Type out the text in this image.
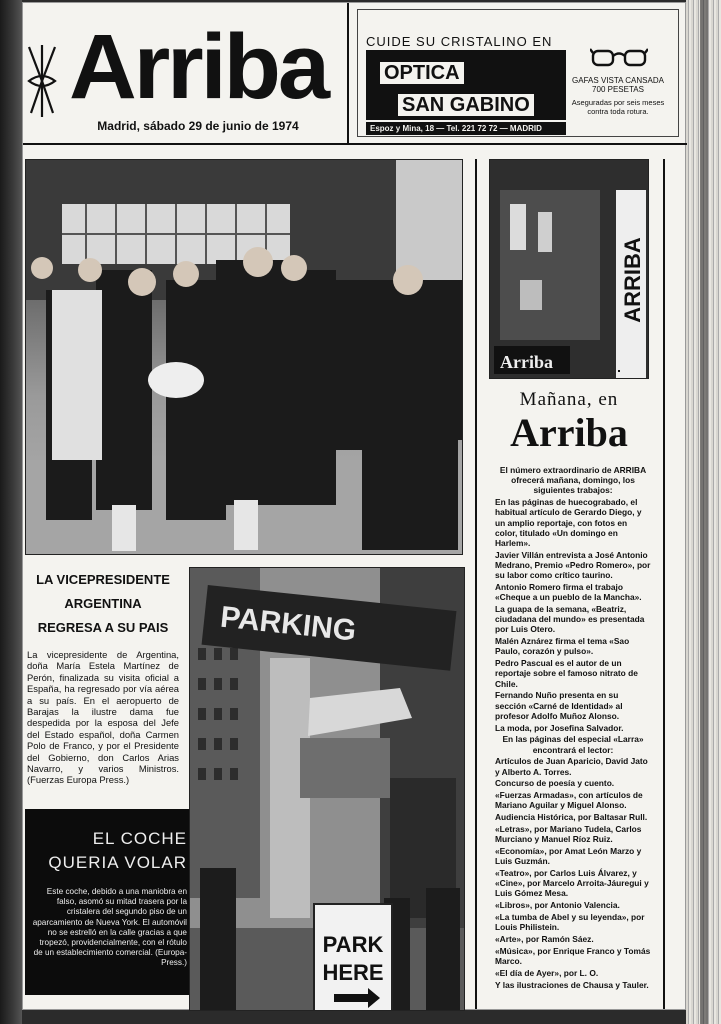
Arriba
Madrid, sábado 29 de junio de 1974
CUIDE SU CRISTALINO EN
OPTICA
SAN GABINO
Espoz y Mina, 18 — Tel. 221 72 72 — MADRID
GAFAS VISTA CANSADA 700 PESETAS
Aseguradas por seis meses contra toda rotura.
Arriba
ARRIBA
Mañana, en
Arriba

El número extraordinario de ARRIBA ofrecerá mañana, domingo, los siguientes trabajos:

En las páginas de huecograbado, el habitual artículo de Gerardo Diego, y un amplio reportaje, con fotos en color, titulado «Un domingo en Harlem».

Javier Villán entrevista a José Antonio Medrano, Premio «Pedro Romero», por su labor como crítico taurino.

Antonio Romero firma el trabajo «Cheque a un pueblo de la Mancha».

La guapa de la semana, «Beatriz, ciudadana del mundo» es presentada por Luis Otero.

Malén Aznárez firma el tema «Sao Paulo, corazón y pulso».

Pedro Pascual es el autor de un reportaje sobre el famoso nitrato de Chile.

Fernando Nuño presenta en su sección «Carné de Identidad» al profesor Adolfo Muñoz Alonso.

La moda, por Josefina Salvador.

En las páginas del especial «Larra» encontrará el lector:

Artículos de Juan Aparicio, David Jato y Alberto A. Torres.

Concurso de poesía y cuento.

«Fuerzas Armadas», con artículos de Mariano Aguilar y Miguel Alonso.

Audiencia Histórica, por Baltasar Rull.

«Letras», por Mariano Tudela, Carlos Murciano y Manuel Ríoz Ruiz.

«Economía», por Amat León Marzo y Luis Guzmán.

«Teatro», por Carlos Luis Álvarez, y «Cine», por Marcelo Arroita-Jáuregui y Luis Gómez Mesa.

«Libros», por Antonio Valencia.

«La tumba de Abel y su leyenda», por Louis Philistein.

«Arte», por Ramón Sáez.

«Música», por Enrique Franco y Tomás Marco.

«El día de Ayer», por L. O.

Y las ilustraciones de Chausa y Tauler.

LA VICEPRESIDENTE
ARGENTINA
REGRESA A SU PAIS
La vicepresidente de Argentina, doña María Estela Martínez de Perón, finalizada su visita oficial a España, ha regresado por vía aérea a su país. En el aeropuerto de Barajas la ilustre dama fue despedida por la esposa del Jefe del Estado español, doña Carmen Polo de Franco, y por el Presidente del Gobierno, don Carlos Arias Navarro, y varios Ministros. (Fuerzas Europa Press.)
EL COCHE
QUERIA VOLAR
Este coche, debido a una maniobra en falso, asomó su mitad trasera por la cristalera del segundo piso de un aparcamiento de Nueva York. El automóvil no se estrelló en la calle gracias a que tropezó, providencialmente, con el rótulo de un establecimiento comercial. (Europa-Press.)
PARKING
PARK
HERE
